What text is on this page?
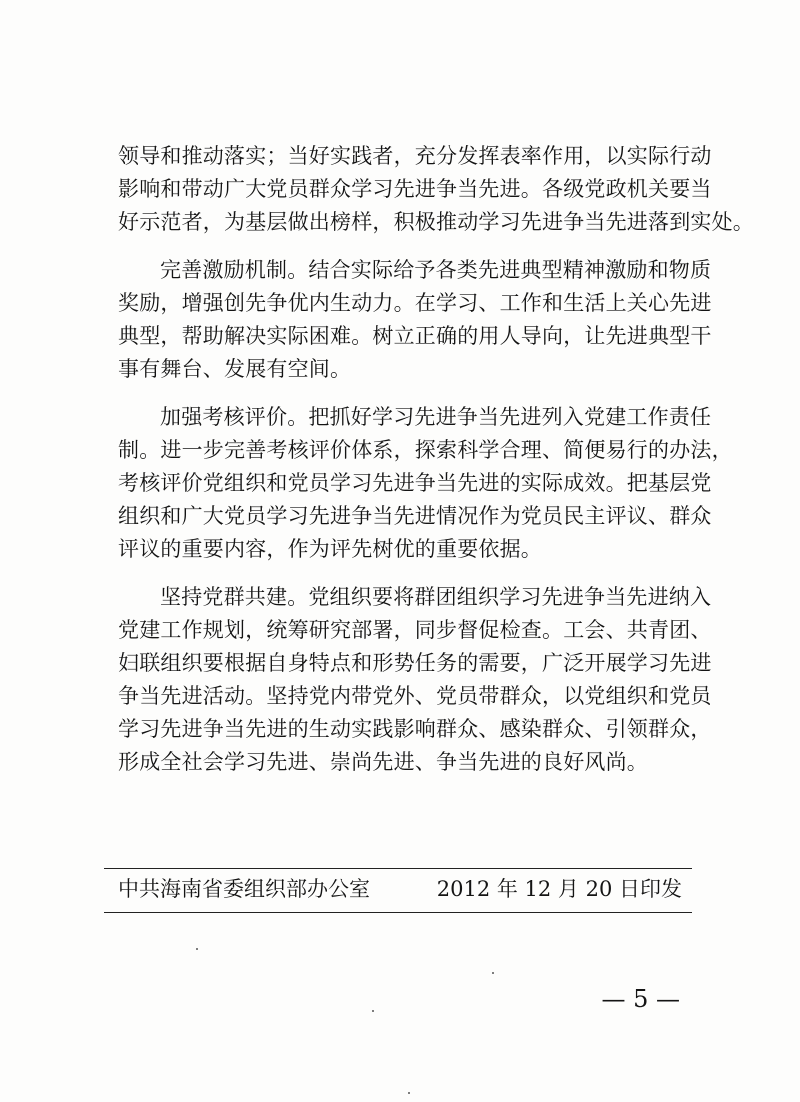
领导和推动落实；当好实践者，充分发挥表率作用，以实际行动
影响和带动广大党员群众学习先进争当先进。各级党政机关要当
好示范者，为基层做出榜样，积极推动学习先进争当先进落到实处。
完善激励机制。结合实际给予各类先进典型精神激励和物质
奖励，增强创先争优内生动力。在学习、工作和生活上关心先进
典型，帮助解决实际困难。树立正确的用人导向，让先进典型干
事有舞台、发展有空间。
加强考核评价。把抓好学习先进争当先进列入党建工作责任
制。进一步完善考核评价体系，探索科学合理、简便易行的办法，
考核评价党组织和党员学习先进争当先进的实际成效。把基层党
组织和广大党员学习先进争当先进情况作为党员民主评议、群众
评议的重要内容，作为评先树优的重要依据。
坚持党群共建。党组织要将群团组织学习先进争当先进纳入
党建工作规划，统筹研究部署，同步督促检查。工会、共青团、
妇联组织要根据自身特点和形势任务的需要，广泛开展学习先进
争当先进活动。坚持党内带党外、党员带群众，以党组织和党员
学习先进争当先进的生动实践影响群众、感染群众、引领群众，
形成全社会学习先进、崇尚先进、争当先进的良好风尚。
中共海南省委组织部办公室	2012 年 12 月 20 日印发
— 5 —
